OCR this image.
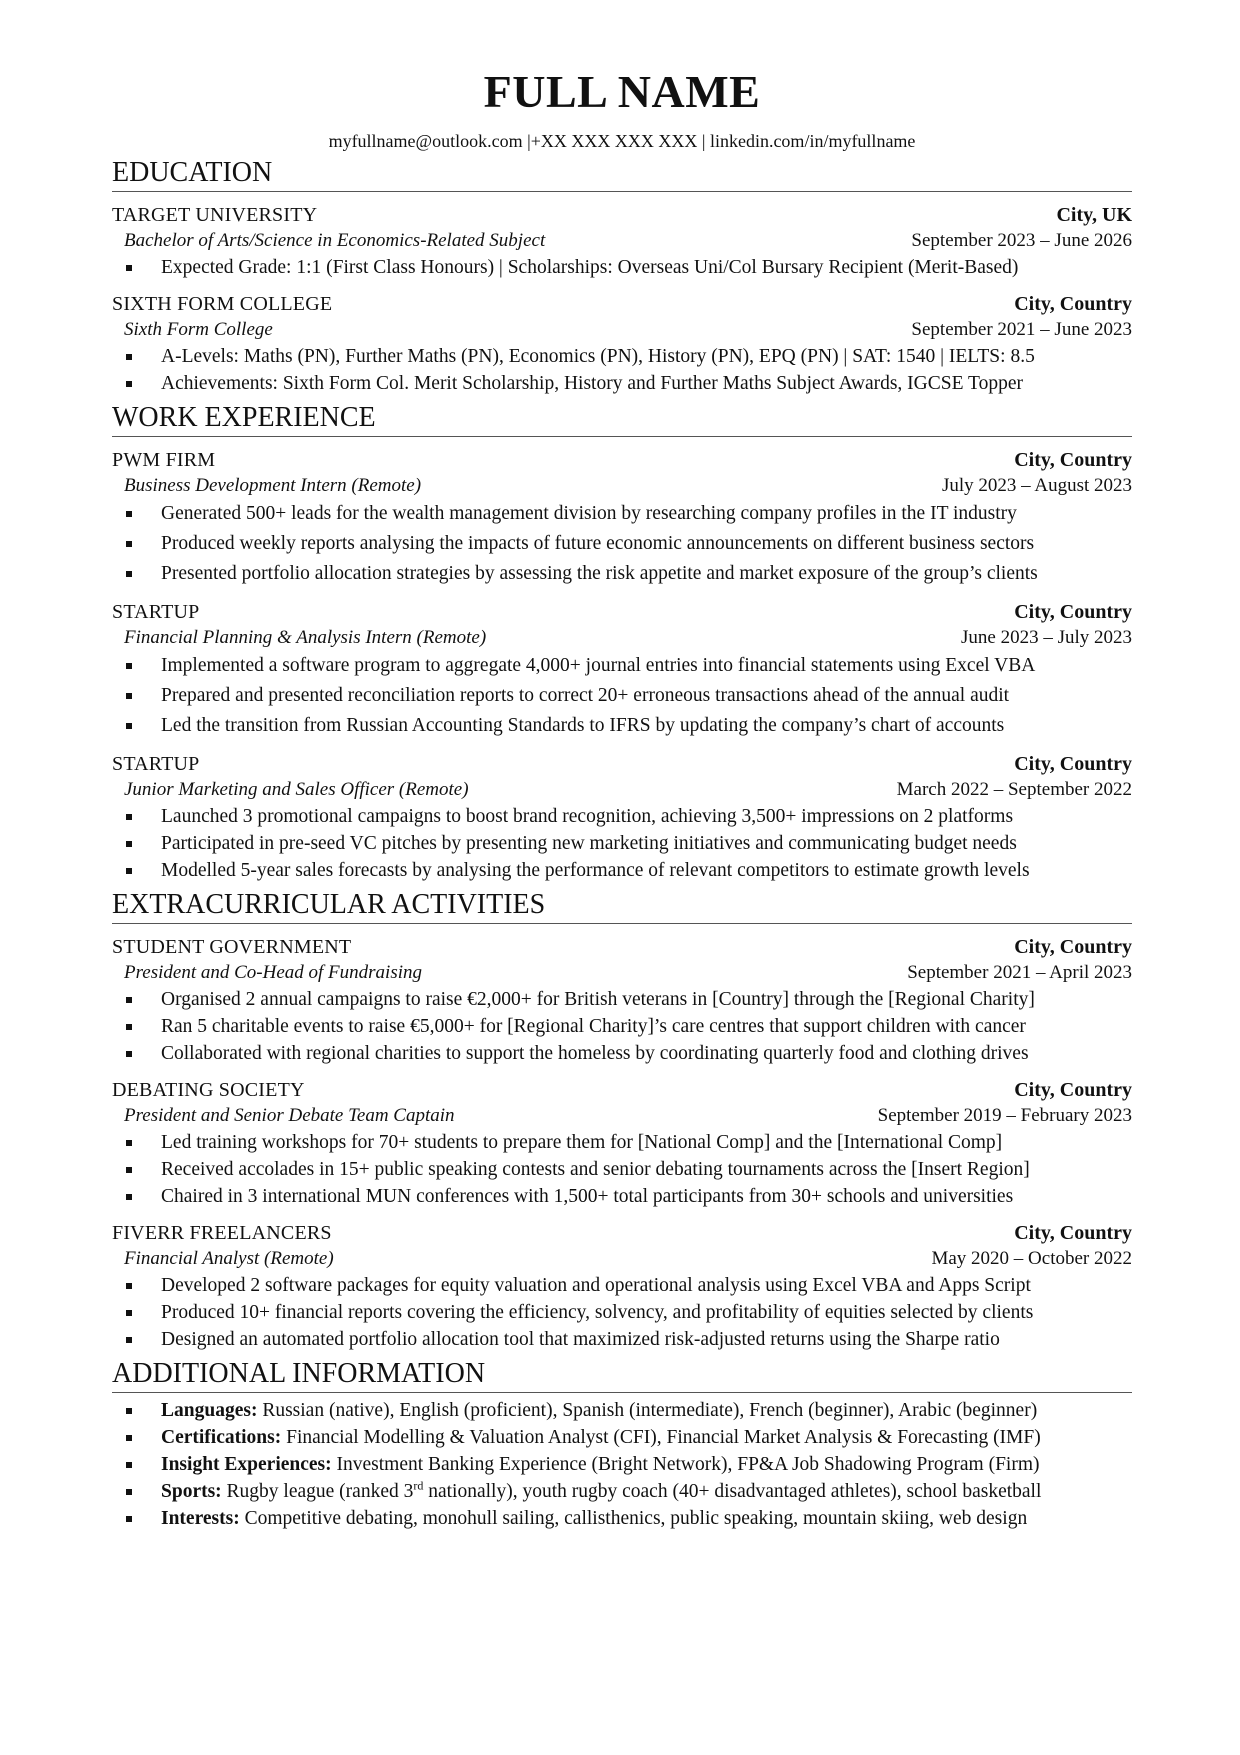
FULL NAME
myfullname@outlook.com |+XX XXX XXX XXX | linkedin.com/in/myfullname
EDUCATION
TARGET UNIVERSITY	City, UK
Bachelor of Arts/Science in Economics-Related Subject	September 2023 – June 2026
Expected Grade: 1:1 (First Class Honours) | Scholarships: Overseas Uni/Col Bursary Recipient (Merit-Based)
SIXTH FORM COLLEGE	City, Country
Sixth Form College	September 2021 – June 2023
A-Levels: Maths (PN), Further Maths (PN), Economics (PN), History (PN), EPQ (PN) | SAT: 1540 | IELTS: 8.5
Achievements: Sixth Form Col. Merit Scholarship, History and Further Maths Subject Awards, IGCSE Topper
WORK EXPERIENCE
PWM FIRM	City, Country
Business Development Intern (Remote)	July 2023 – August 2023
Generated 500+ leads for the wealth management division by researching company profiles in the IT industry
Produced weekly reports analysing the impacts of future economic announcements on different business sectors
Presented portfolio allocation strategies by assessing the risk appetite and market exposure of the group’s clients
STARTUP	City, Country
Financial Planning & Analysis Intern (Remote)	June 2023 – July 2023
Implemented a software program to aggregate 4,000+ journal entries into financial statements using Excel VBA
Prepared and presented reconciliation reports to correct 20+ erroneous transactions ahead of the annual audit
Led the transition from Russian Accounting Standards to IFRS by updating the company’s chart of accounts
STARTUP	City, Country
Junior Marketing and Sales Officer (Remote)	March 2022 – September 2022
Launched 3 promotional campaigns to boost brand recognition, achieving 3,500+ impressions on 2 platforms
Participated in pre-seed VC pitches by presenting new marketing initiatives and communicating budget needs
Modelled 5-year sales forecasts by analysing the performance of relevant competitors to estimate growth levels
EXTRACURRICULAR ACTIVITIES
STUDENT GOVERNMENT	City, Country
President and Co-Head of Fundraising	September 2021 – April 2023
Organised 2 annual campaigns to raise €2,000+ for British veterans in [Country] through the [Regional Charity]
Ran 5 charitable events to raise €5,000+ for [Regional Charity]’s care centres that support children with cancer
Collaborated with regional charities to support the homeless by coordinating quarterly food and clothing drives
DEBATING SOCIETY	City, Country
President and Senior Debate Team Captain	September 2019 – February 2023
Led training workshops for 70+ students to prepare them for [National Comp] and the [International Comp]
Received accolades in 15+ public speaking contests and senior debating tournaments across the [Insert Region]
Chaired in 3 international MUN conferences with 1,500+ total participants from 30+ schools and universities
FIVERR FREELANCERS	City, Country
Financial Analyst (Remote)	May 2020 – October 2022
Developed 2 software packages for equity valuation and operational analysis using Excel VBA and Apps Script
Produced 10+ financial reports covering the efficiency, solvency, and profitability of equities selected by clients
Designed an automated portfolio allocation tool that maximized risk-adjusted returns using the Sharpe ratio
ADDITIONAL INFORMATION
Languages: Russian (native), English (proficient), Spanish (intermediate), French (beginner), Arabic (beginner)
Certifications: Financial Modelling & Valuation Analyst (CFI), Financial Market Analysis & Forecasting (IMF)
Insight Experiences: Investment Banking Experience (Bright Network), FP&A Job Shadowing Program (Firm)
Sports: Rugby league (ranked 3rd nationally), youth rugby coach (40+ disadvantaged athletes), school basketball
Interests: Competitive debating, monohull sailing, callisthenics, public speaking, mountain skiing, web design
